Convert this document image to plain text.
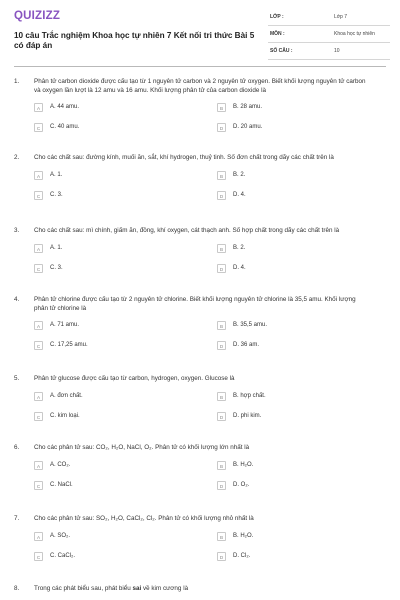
QUIZIZZ
10 câu Trắc nghiệm Khoa học tự nhiên 7 Kết nối tri thức Bài 5 có đáp án
LỚP :	Lớp 7
MÔN :	Khoa học tự nhiên
SỐ CÂU :	10
1. Phân tử carbon dioxide được cấu tạo từ 1 nguyên tử carbon và 2 nguyên tử oxygen. Biết khối lượng nguyên tử carbon và oxygen lần lượt là 12 amu và 16 amu. Khối lượng phân tử của carbon dioxide là
A	A. 44 amu.	B	B. 28 amu.
C	C. 40 amu.	D	D. 20 amu.
2. Cho các chất sau: đường kính, muối ăn, sắt, khí hydrogen, thuỷ tinh. Số đơn chất trong dãy các chất trên là
A	A. 1.	B	B. 2.
C	C. 3.	D	D. 4.
3. Cho các chất sau: mì chính, giấm ăn, đồng, khí oxygen, cát thạch anh. Số hợp chất trong dãy các chất trên là
A	A. 1.	B	B. 2.
C	C. 3.	D	D. 4.
4. Phân tử chlorine được cấu tạo từ 2 nguyên tử chlorine. Biết khối lượng nguyên tử chlorine là 35,5 amu. Khối lượng phân tử chlorine là
A	A. 71 amu.	B	B. 35,5 amu.
C	C. 17,25 amu.	D	D. 36 am.
5. Phân tử glucose được cấu tạo từ carbon, hydrogen, oxygen. Glucose là
A	A. đơn chất.	B	B. hợp chất.
C	C. kim loại.	D	D. phi kim.
6. Cho các phân tử sau: CO₂, H₂O, NaCl, O₂. Phân tử có khối lượng lớn nhất là
A	A. CO₂.	B	B. H₂O.
C	C. NaCl.	D	D. O₂.
7. Cho các phân tử sau: SO₂, H₂O, CaCl₂, Cl₂. Phân tử có khối lượng nhỏ nhất là
A	A. SO₂.	B	B. H₂O.
C	C. CaCl₂.	D	D. Cl₂.
8. Trong các phát biểu sau, phát biểu sai về kim cương là
